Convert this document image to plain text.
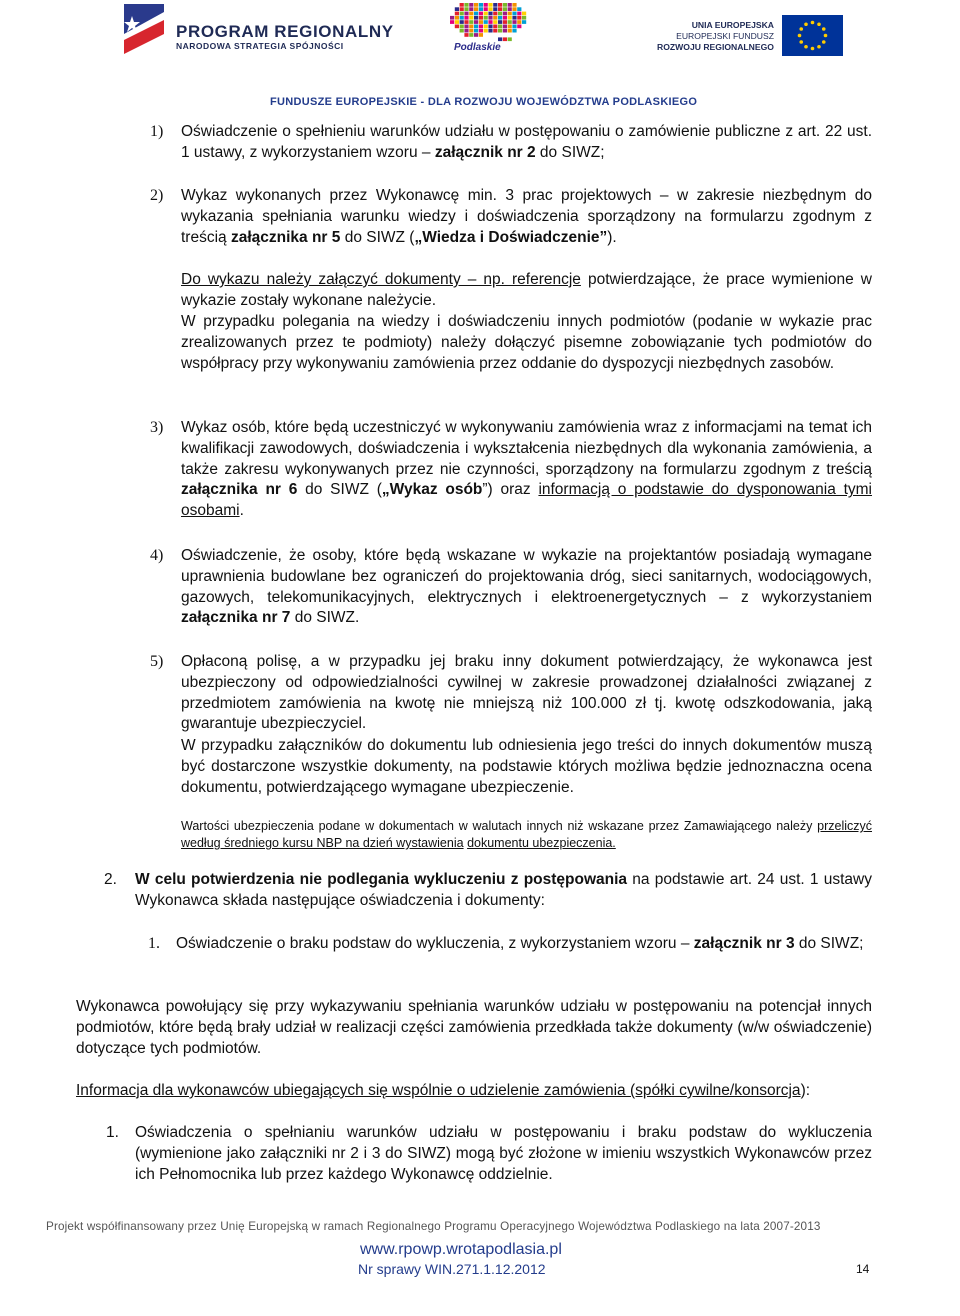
PROGRAM REGIONALNY
NARODOWA STRATEGIA SPÓJNOŚCI	Podlaskie
UNIA EUROPEJSKA
EUROPEJSKI FUNDUSZ
ROZWOJU REGIONALNEGO
FUNDUSZE EUROPEJSKIE - DLA ROZWOJU WOJEWÓDZTWA PODLASKIEGO
1) Oświadczenie o spełnieniu warunków udziału w postępowaniu o zamówienie publiczne z art. 22 ust. 1 ustawy, z wykorzystaniem wzoru – załącznik nr 2 do SIWZ;
2) Wykaz wykonanych przez Wykonawcę min. 3 prac projektowych – w zakresie niezbędnym do wykazania spełniania warunku wiedzy i doświadczenia sporządzony na formularzu zgodnym z treścią załącznika nr 5 do SIWZ („Wiedza i Doświadczenie”).
Do wykazu należy załączyć dokumenty – np. referencje potwierdzające, że prace wymienione w wykazie zostały wykonane należycie.
W przypadku polegania na wiedzy i doświadczeniu innych podmiotów (podanie w wykazie prac zrealizowanych przez te podmioty) należy dołączyć pisemne zobowiązanie tych podmiotów do współpracy przy wykonywaniu zamówienia przez oddanie do dyspozycji niezbędnych zasobów.
3) Wykaz osób, które będą uczestniczyć w wykonywaniu zamówienia wraz z informacjami na temat ich kwalifikacji zawodowych, doświadczenia i wykształcenia niezbędnych dla wykonania zamówienia, a także zakresu wykonywanych przez nie czynności, sporządzony na formularzu zgodnym z treścią załącznika nr 6 do SIWZ („Wykaz osób”) oraz informacją o podstawie do dysponowania tymi osobami.
4) Oświadczenie, że osoby, które będą wskazane w wykazie na projektantów posiadają wymagane uprawnienia budowlane bez ograniczeń do projektowania dróg, sieci sanitarnych, wodociągowych, gazowych, telekomunikacyjnych, elektrycznych i elektroenergetycznych – z wykorzystaniem załącznika nr 7 do SIWZ.
5) Opłaconą polisę, a w przypadku jej braku inny dokument potwierdzający, że wykonawca jest ubezpieczony od odpowiedzialności cywilnej w zakresie prowadzonej działalności związanej z przedmiotem zamówienia na kwotę nie mniejszą niż 100.000 zł tj. kwotę odszkodowania, jaką gwarantuje ubezpieczyciel.
W przypadku załączników do dokumentu lub odniesienia jego treści do innych dokumentów muszą być dostarczone wszystkie dokumenty, na podstawie których możliwa będzie jednoznaczna ocena dokumentu, potwierdzającego wymagane ubezpieczenie.
Wartości ubezpieczenia podane w dokumentach w walutach innych niż wskazane przez Zamawiającego należy przeliczyć według średniego kursu NBP na dzień wystawienia dokumentu ubezpieczenia.
2. W celu potwierdzenia nie podlegania wykluczeniu z postępowania na podstawie art. 24 ust. 1 ustawy Wykonawca składa następujące oświadczenia i dokumenty:
1. Oświadczenie o braku podstaw do wykluczenia, z wykorzystaniem wzoru – załącznik nr 3 do SIWZ;
Wykonawca powołujący się przy wykazywaniu spełniania warunków udziału w postępowaniu na potencjał innych podmiotów, które będą brały udział w realizacji części zamówienia przedkłada także dokumenty (w/w oświadczenie) dotyczące tych podmiotów.
Informacja dla wykonawców ubiegających się wspólnie o udzielenie zamówienia (spółki cywilne/konsorcja):
1. Oświadczenia o spełnianiu warunków udziału w postępowaniu i braku podstaw do wykluczenia (wymienione jako załączniki nr 2 i 3 do SIWZ) mogą być złożone w imieniu wszystkich Wykonawców przez ich Pełnomocnika lub przez każdego Wykonawcę oddzielnie.
Projekt współfinansowany przez Unię Europejską w ramach Regionalnego Programu Operacyjnego Województwa Podlaskiego na lata 2007-2013
www.rpowp.wrotapodlasia.pl
Nr sprawy WIN.271.1.12.2012	14
